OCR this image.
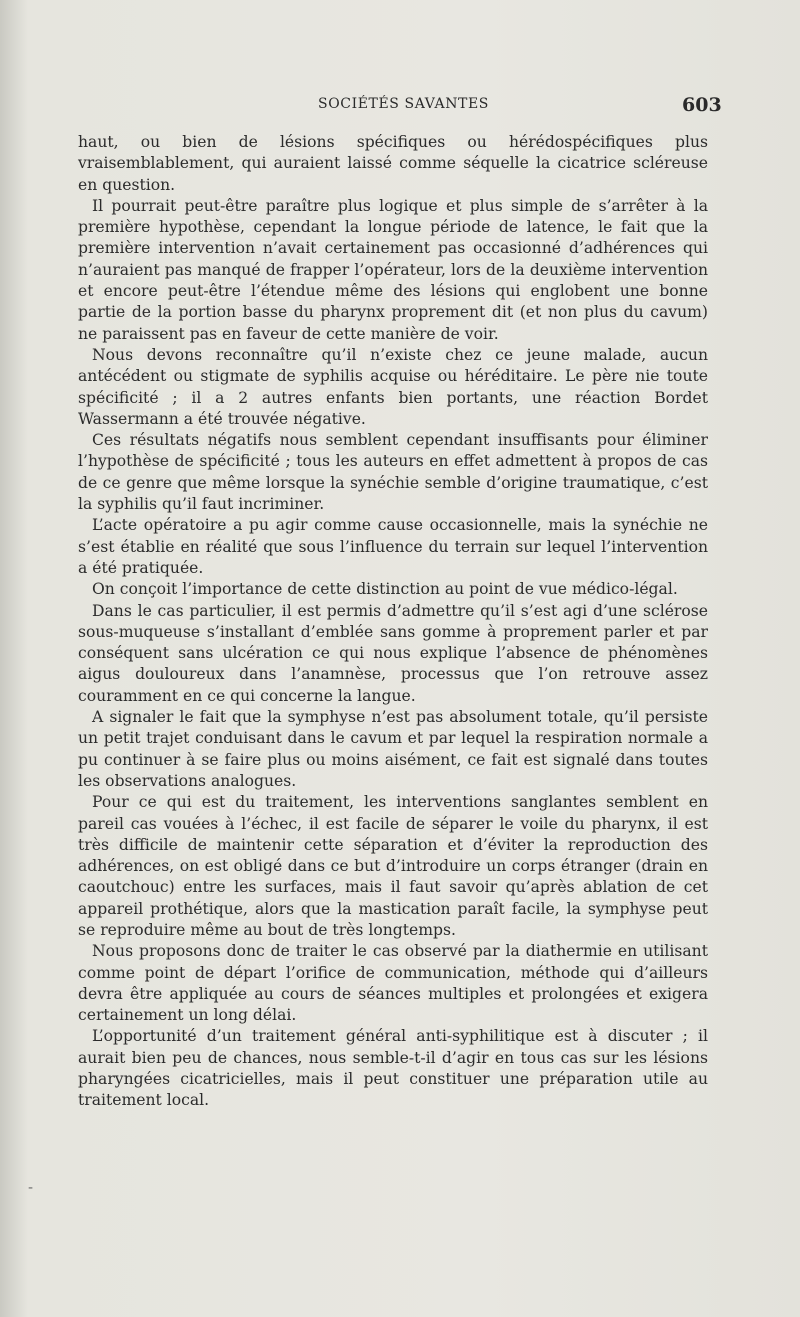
SOCIÉTÉS SAVANTES	603

haut, ou bien de lésions spécifiques ou hérédospécifiques plus vraisemblablement, qui auraient laissé comme séquelle la cicatrice scléreuse en question.

Il pourrait peut-être paraître plus logique et plus simple de s’arrêter à la première hypothèse, cependant la longue période de latence, le fait que la première intervention n’avait certainement pas occasionné d’adhérences qui n’auraient pas manqué de frapper l’opérateur, lors de la deuxième intervention et encore peut-être l’étendue même des lésions qui englobent une bonne partie de la portion basse du pharynx proprement dit (et non plus du cavum) ne paraissent pas en faveur de cette manière de voir.

Nous devons reconnaître qu’il n’existe chez ce jeune malade, aucun antécédent ou stigmate de syphilis acquise ou héréditaire. Le père nie toute spécificité ; il a 2 autres enfants bien portants, une réaction Bordet Wassermann a été trouvée négative.

Ces résultats négatifs nous semblent cependant insuffisants pour éliminer l’hypothèse de spécificité ; tous les auteurs en effet admettent à propos de cas de ce genre que même lorsque la synéchie semble d’origine traumatique, c’est la syphilis qu’il faut incriminer.

L’acte opératoire a pu agir comme cause occasionnelle, mais la synéchie ne s’est établie en réalité que sous l’influence du terrain sur lequel l’intervention a été pratiquée.

On conçoit l’importance de cette distinction au point de vue médico-légal.

Dans le cas particulier, il est permis d’admettre qu’il s’est agi d’une sclérose sous-muqueuse s’installant d’emblée sans gomme à proprement parler et par conséquent sans ulcération ce qui nous explique l’absence de phénomènes aigus douloureux dans l’anamnèse, processus que l’on retrouve assez couramment en ce qui concerne la langue.

A signaler le fait que la symphyse n’est pas absolument totale, qu’il persiste un petit trajet conduisant dans le cavum et par lequel la respiration normale a pu continuer à se faire plus ou moins aisément, ce fait est signalé dans toutes les observations analogues.

Pour ce qui est du traitement, les interventions sanglantes semblent en pareil cas vouées à l’échec, il est facile de séparer le voile du pharynx, il est très difficile de maintenir cette séparation et d’éviter la reproduction des adhérences, on est obligé dans ce but d’introduire un corps étranger (drain en caoutchouc) entre les surfaces, mais il faut savoir qu’après ablation de cet appareil prothétique, alors que la mastication paraît facile, la symphyse peut se reproduire même au bout de très longtemps.

Nous proposons donc de traiter le cas observé par la diathermie en utilisant comme point de départ l’orifice de communication, méthode qui d’ailleurs devra être appliquée au cours de séances multiples et prolongées et exigera certainement un long délai.

L’opportunité d’un traitement général anti-syphilitique est à discuter ; il aurait bien peu de chances, nous semble-t-il d’agir en tous cas sur les lésions pharyngées cicatricielles, mais il peut constituer une préparation utile au traitement local.

-
